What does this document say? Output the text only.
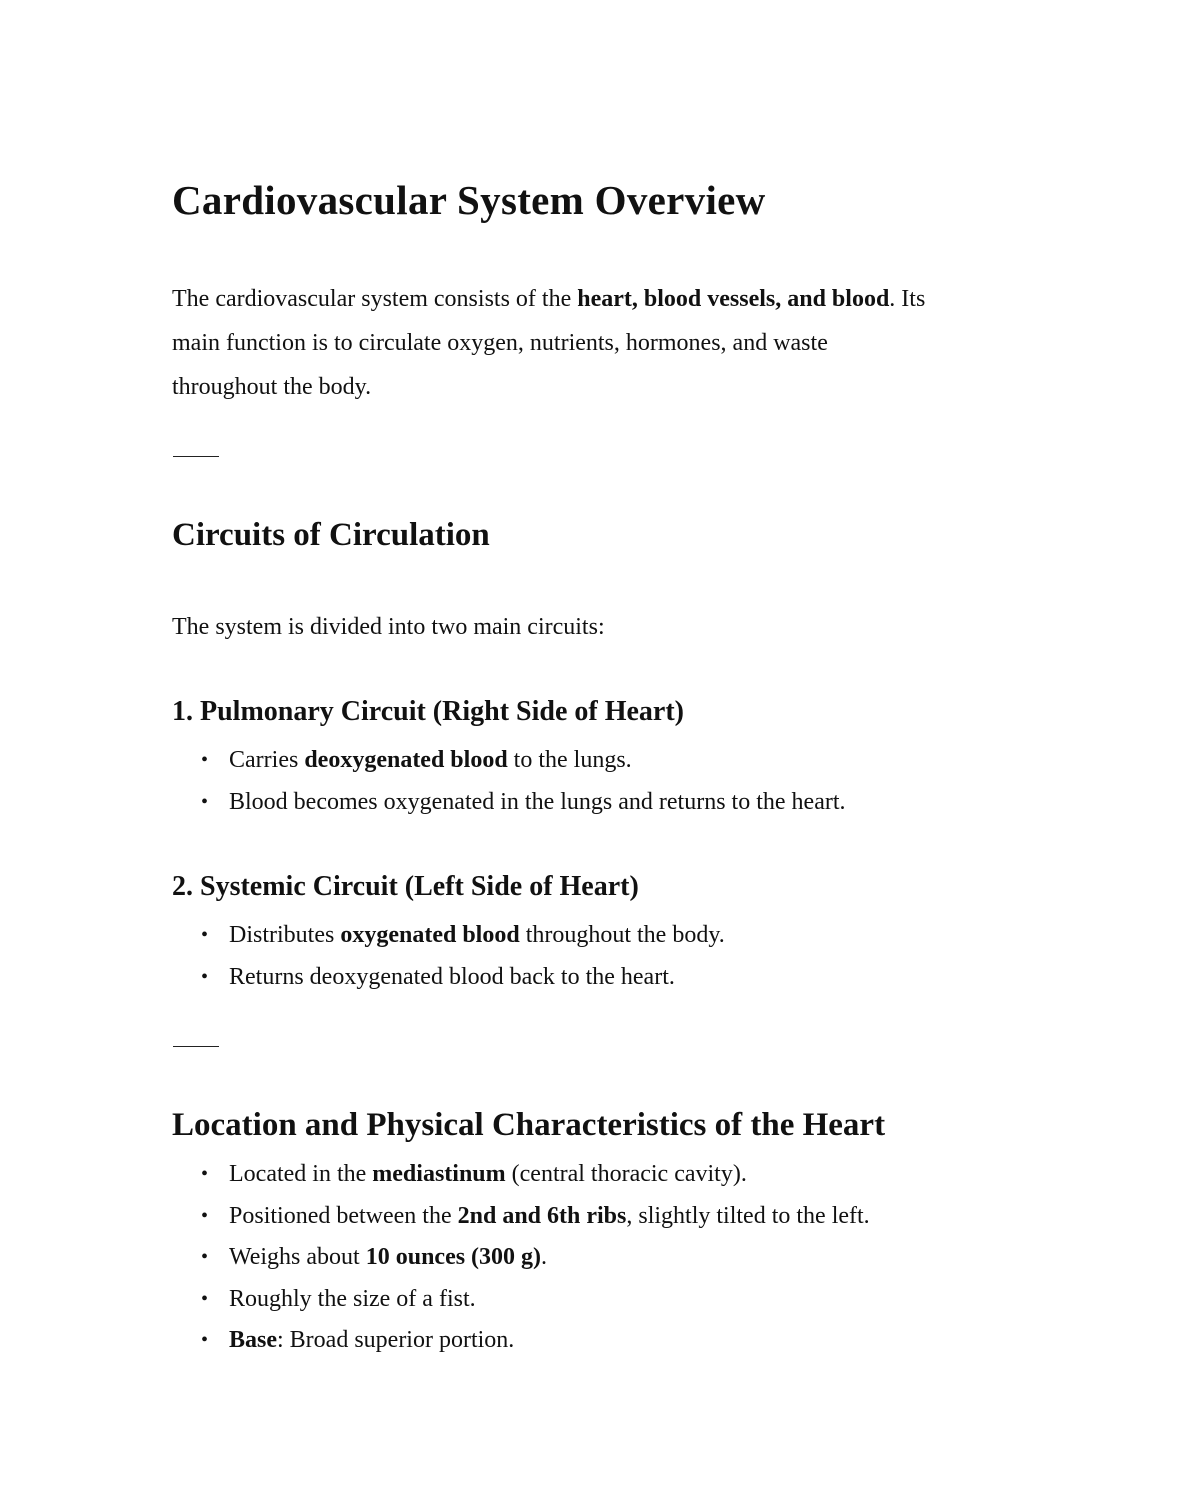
Cardiovascular System Overview

The cardiovascular system consists of the heart, blood vessels, and blood. Its
main function is to circulate oxygen, nutrients, hormones, and waste
throughout the body.

Circuits of Circulation

The system is divided into two main circuits:

1. Pulmonary Circuit (Right Side of Heart)
• Carries deoxygenated blood to the lungs.
• Blood becomes oxygenated in the lungs and returns to the heart.
2. Systemic Circuit (Left Side of Heart)
• Distributes oxygenated blood throughout the body.
• Returns deoxygenated blood back to the heart.
Location and Physical Characteristics of the Heart
• Located in the mediastinum (central thoracic cavity).
• Positioned between the 2nd and 6th ribs, slightly tilted to the left.
• Weighs about 10 ounces (300 g).
• Roughly the size of a fist.
• Base: Broad superior portion.
